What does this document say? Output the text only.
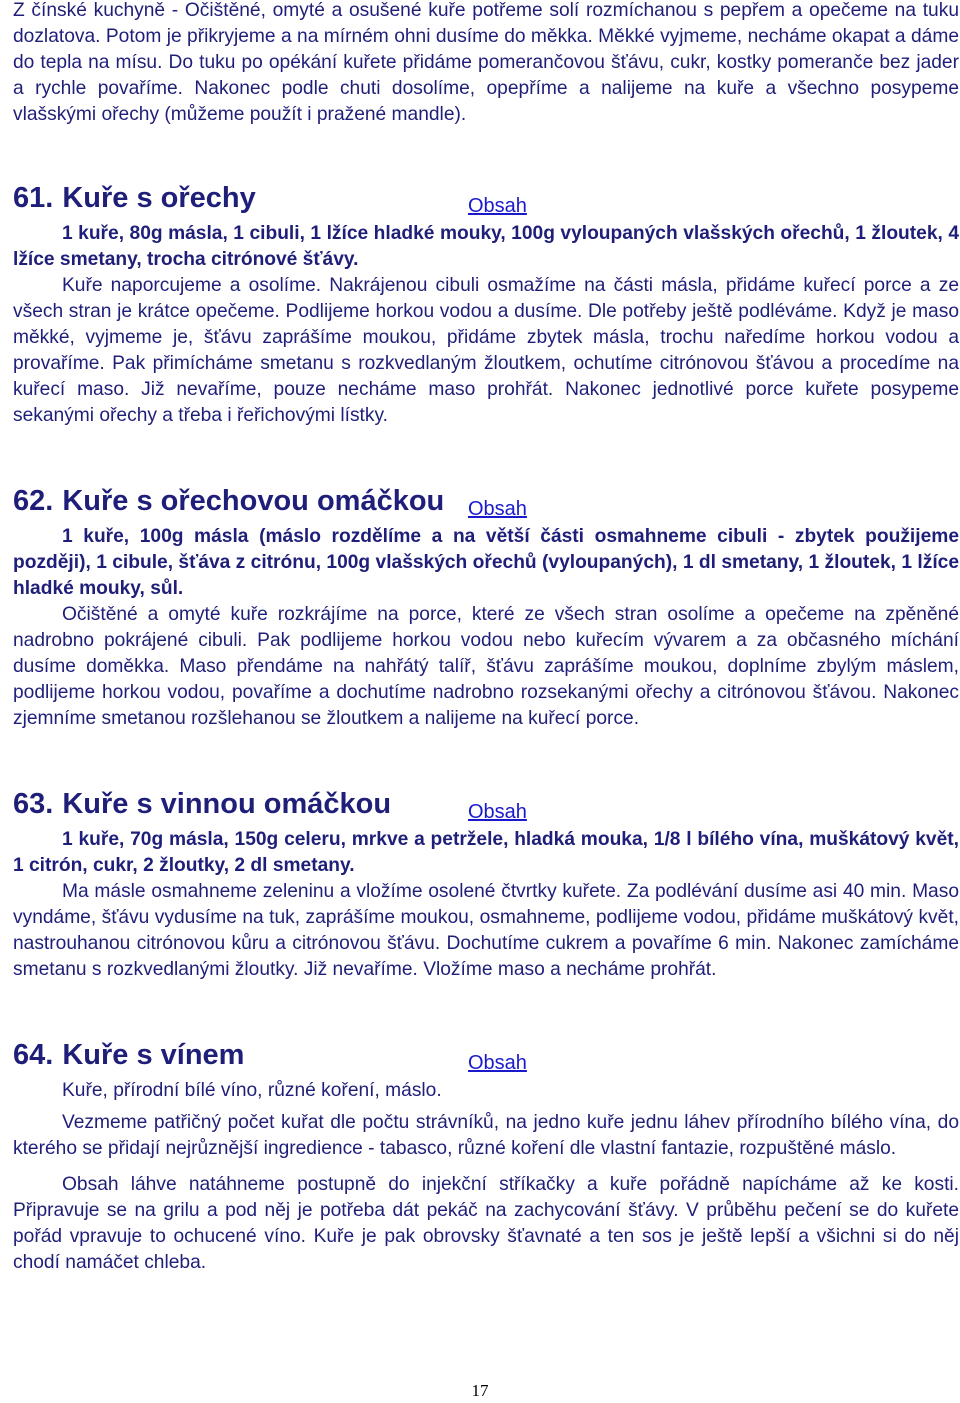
Z čínské kuchyně - Očištěné, omyté a osušené kuře potřeme solí rozmíchanou s pepřem a opečeme na tuku dozlatova. Potom je přikryjeme a na mírném ohni dusíme do měkka. Měkké vyjmeme, necháme okapat a dáme do tepla na mísu. Do tuku po opékání kuřete přidáme pomerančovou šťávu, cukr, kostky pomeranče bez jader a rychle povaříme. Nakonec podle chuti dosolíme, opepříme a nalijeme na kuře a všechno posypeme vlašskými ořechy (můžeme použít i pražené mandle).

61. Kuře s ořechy	Obsah

1 kuře, 80g másla, 1 cibuli, 1 lžíce hladké mouky, 100g vyloupaných vlašských ořechů, 1 žloutek, 4 lžíce smetany, trocha citrónové šťávy.

Kuře naporcujeme a osolíme. Nakrájenou cibuli osmažíme na části másla, přidáme kuřecí porce a ze všech stran je krátce opečeme. Podlijeme horkou vodou a dusíme. Dle potřeby ještě podléváme. Když je maso měkké, vyjmeme je, šťávu zaprášíme moukou, přidáme zbytek másla, trochu naředíme horkou vodou a provaříme. Pak přimícháme smetanu s rozkvedlaným žloutkem, ochutíme citrónovou šťávou a procedíme na kuřecí maso. Již nevaříme, pouze necháme maso prohřát. Nakonec jednotlivé porce kuřete posypeme sekanými ořechy a třeba i řeřichovými lístky.

62. Kuře s ořechovou omáčkou Obsah

1 kuře, 100g másla (máslo rozdělíme a na větší části osmahneme cibuli - zbytek použijeme později), 1 cibule, šťáva z citrónu, 100g vlašských ořechů (vyloupaných), 1 dl smetany, 1 žloutek, 1 lžíce hladké mouky, sůl.

Očištěné a omyté kuře rozkrájíme na porce, které ze všech stran osolíme a opečeme na zpěněné nadrobno pokrájené cibuli. Pak podlijeme horkou vodou nebo kuřecím vývarem a za občasného míchání dusíme doměkka. Maso přendáme na nahřátý talíř, šťávu zaprášíme moukou, doplníme zbylým máslem, podlijeme horkou vodou, povaříme a dochutíme nadrobno rozsekanými ořechy a citrónovou šťávou. Nakonec zjemníme smetanou rozšlehanou se žloutkem a nalijeme na kuřecí porce.

63. Kuře s vinnou omáčkou	Obsah

1 kuře, 70g másla, 150g celeru, mrkve a petržele, hladká mouka, 1/8 l bílého vína, muškátový květ, 1 citrón, cukr, 2 žloutky, 2 dl smetany.

Ma másle osmahneme zeleninu a vložíme osolené čtvrtky kuřete. Za podlévání dusíme asi 40 min. Maso vyndáme, šťávu vydusíme na tuk, zaprášíme moukou, osmahneme, podlijeme vodou, přidáme muškátový květ, nastrouhanou citrónovou kůru a citrónovou šťávu. Dochutíme cukrem a povaříme 6 min. Nakonec zamícháme smetanu s rozkvedlanými žloutky. Již nevaříme. Vložíme maso a necháme prohřát.

64. Kuře s vínem	Obsah

Kuře, přírodní bílé víno, různé koření, máslo.

Vezmeme patřičný počet kuřat dle počtu strávníků, na jedno kuře jednu láhev přírodního bílého vína, do kterého se přidají nejrůznější ingredience - tabasco, různé koření dle vlastní fantazie, rozpuštěné máslo.

Obsah láhve natáhneme postupně do injekční stříkačky a kuře pořádně napícháme až ke kosti. Připravuje se na grilu a pod něj je potřeba dát pekáč na zachycování šťávy. V průběhu pečení se do kuřete pořád vpravuje to ochucené víno. Kuře je pak obrovsky šťavnaté a ten sos je ještě lepší a všichni si do něj chodí namáčet chleba.

17
